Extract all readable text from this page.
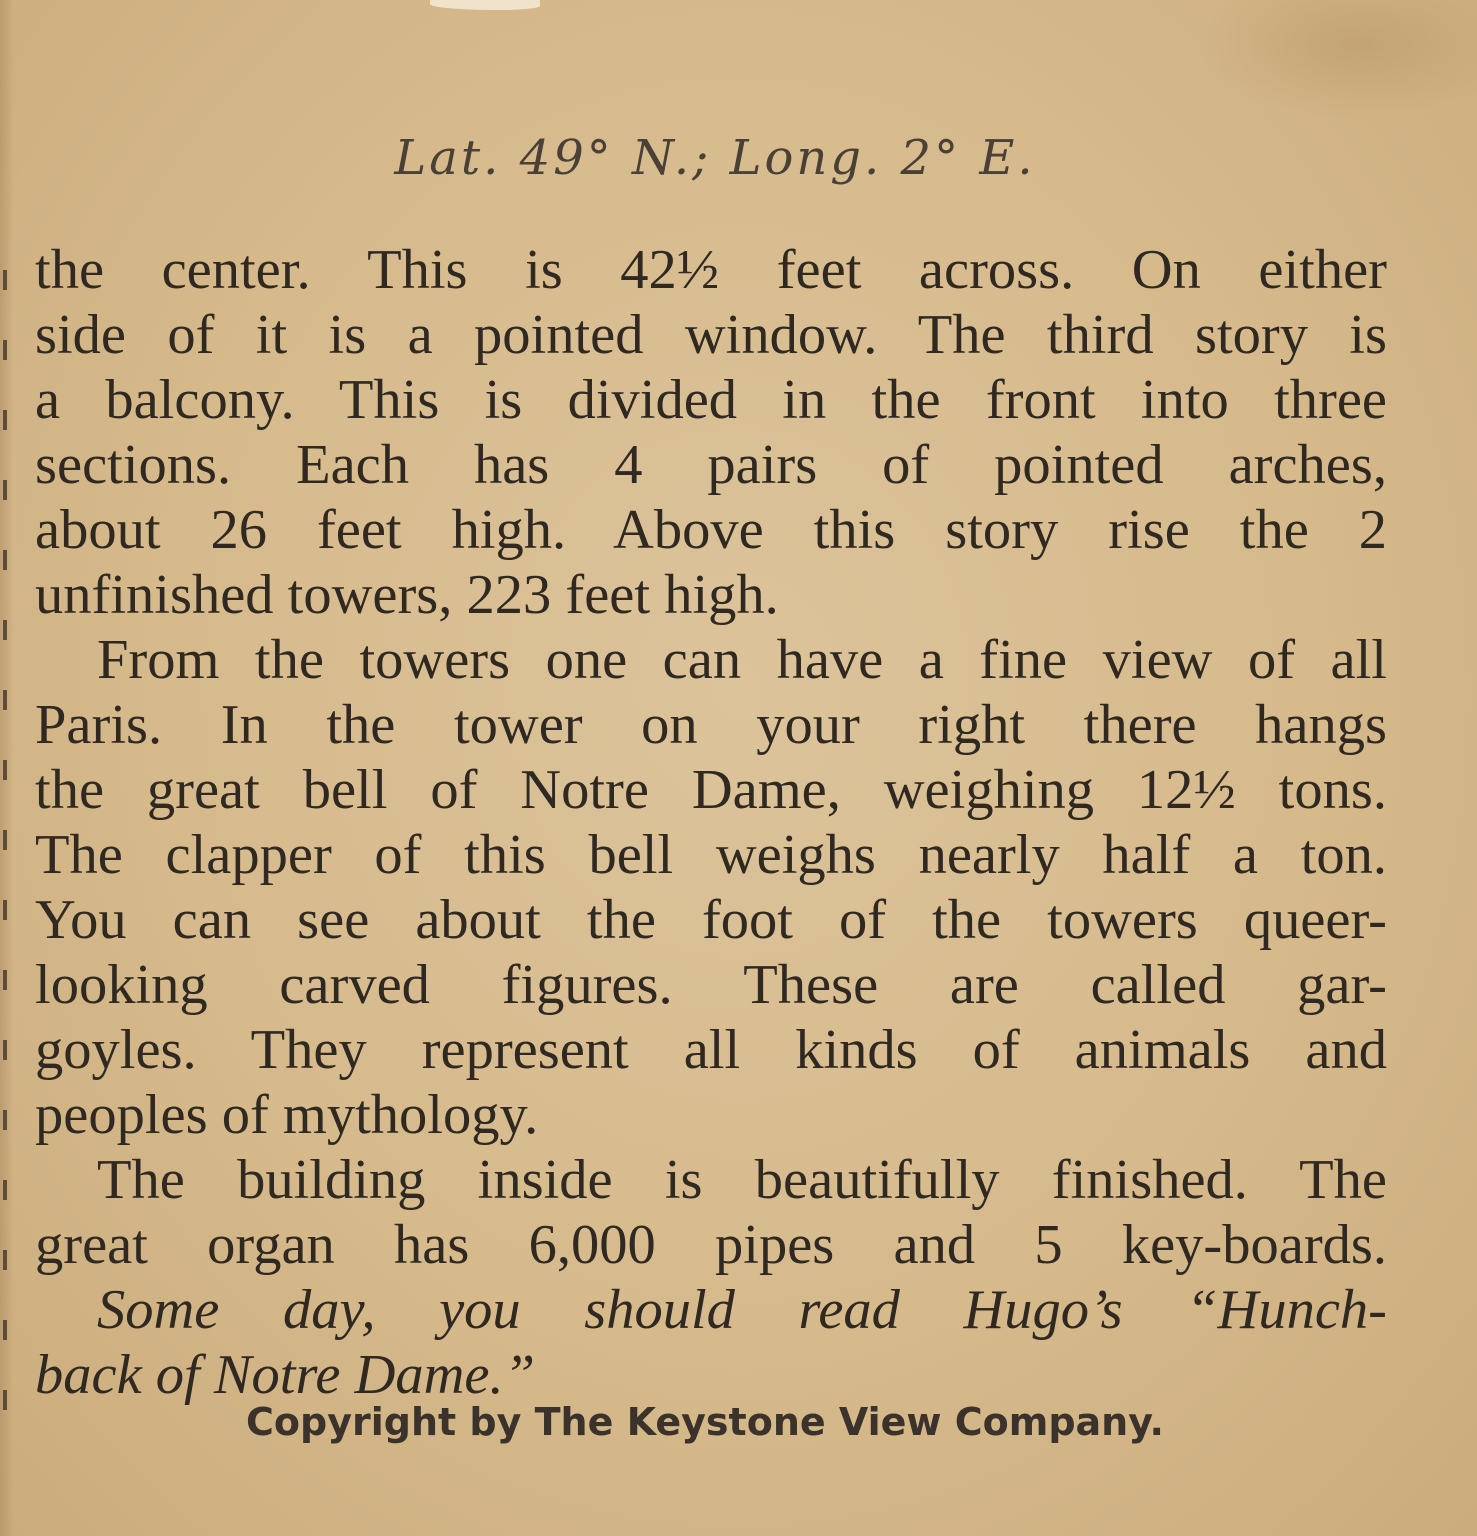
Lat. 49° N.; Long. 2° E.
the center. This is 42½ feet across. On either
side of it is a pointed window. The third story is
a balcony. This is divided in the front into three
sections. Each has 4 pairs of pointed arches,
about 26 feet high. Above this story rise the 2
unfinished towers, 223 feet high.
From the towers one can have a fine view of all
Paris. In the tower on your right there hangs
the great bell of Notre Dame, weighing 12½ tons.
The clapper of this bell weighs nearly half a ton.
You can see about the foot of the towers queer-
looking carved figures. These are called gar-
goyles. They represent all kinds of animals and
peoples of mythology.
The building inside is beautifully finished. The
great organ has 6,000 pipes and 5 key-boards.
Some day, you should read Hugo’s “Hunch-
back of Notre Dame.”
Copyright by The Keystone View Company.
